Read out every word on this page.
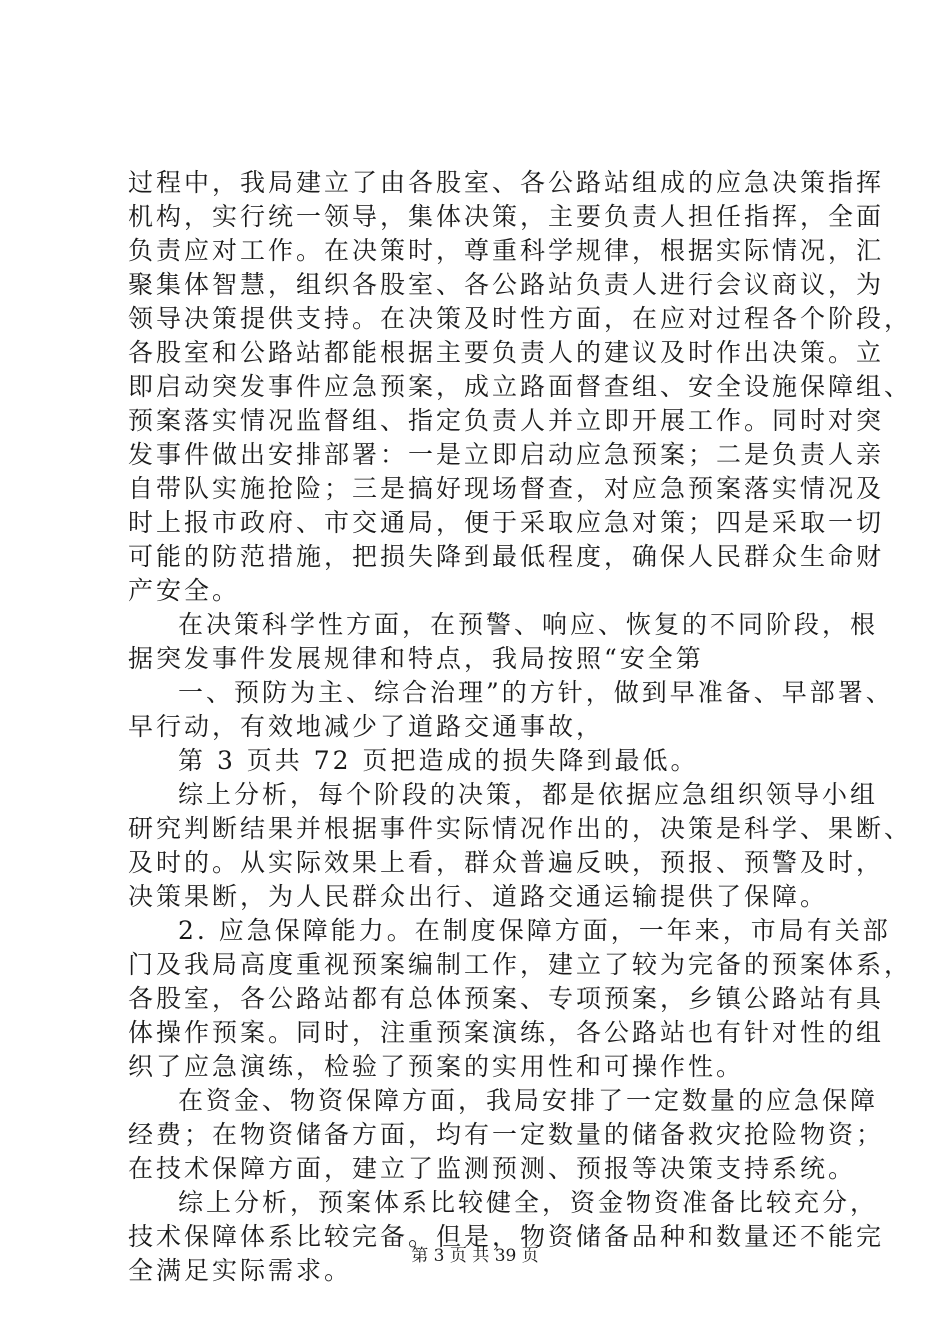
过程中，我局建立了由各股室、各公路站组成的应急决策指挥
机构，实行统一领导，集体决策，主要负责人担任指挥，全面
负责应对工作。在决策时，尊重科学规律，根据实际情况，汇
聚集体智慧，组织各股室、各公路站负责人进行会议商议，为
领导决策提供支持。在决策及时性方面，在应对过程各个阶段，
各股室和公路站都能根据主要负责人的建议及时作出决策。立
即启动突发事件应急预案，成立路面督查组、安全设施保障组、
预案落实情况监督组、指定负责人并立即开展工作。同时对突
发事件做出安排部署：一是立即启动应急预案；二是负责人亲
自带队实施抢险；三是搞好现场督查，对应急预案落实情况及
时上报市政府、市交通局，便于采取应急对策；四是采取一切
可能的防范措施，把损失降到最低程度，确保人民群众生命财
产安全。
在决策科学性方面，在预警、响应、恢复的不同阶段，根
据突发事件发展规律和特点，我局按照“安全第
一、预防为主、综合治理”的方针，做到早准备、早部署、
早行动，有效地减少了道路交通事故，
第 3 页共 72 页把造成的损失降到最低。
综上分析，每个阶段的决策，都是依据应急组织领导小组
研究判断结果并根据事件实际情况作出的，决策是科学、果断、
及时的。从实际效果上看，群众普遍反映，预报、预警及时，
决策果断，为人民群众出行、道路交通运输提供了保障。
2. 应急保障能力。在制度保障方面，一年来，市局有关部
门及我局高度重视预案编制工作，建立了较为完备的预案体系，
各股室，各公路站都有总体预案、专项预案，乡镇公路站有具
体操作预案。同时，注重预案演练，各公路站也有针对性的组
织了应急演练，检验了预案的实用性和可操作性。
在资金、物资保障方面，我局安排了一定数量的应急保障
经费；在物资储备方面，均有一定数量的储备救灾抢险物资；
在技术保障方面，建立了监测预测、预报等决策支持系统。
综上分析，预案体系比较健全，资金物资准备比较充分，
技术保障体系比较完备。但是，物资储备品种和数量还不能完
全满足实际需求。	第 3 页 共 39 页
